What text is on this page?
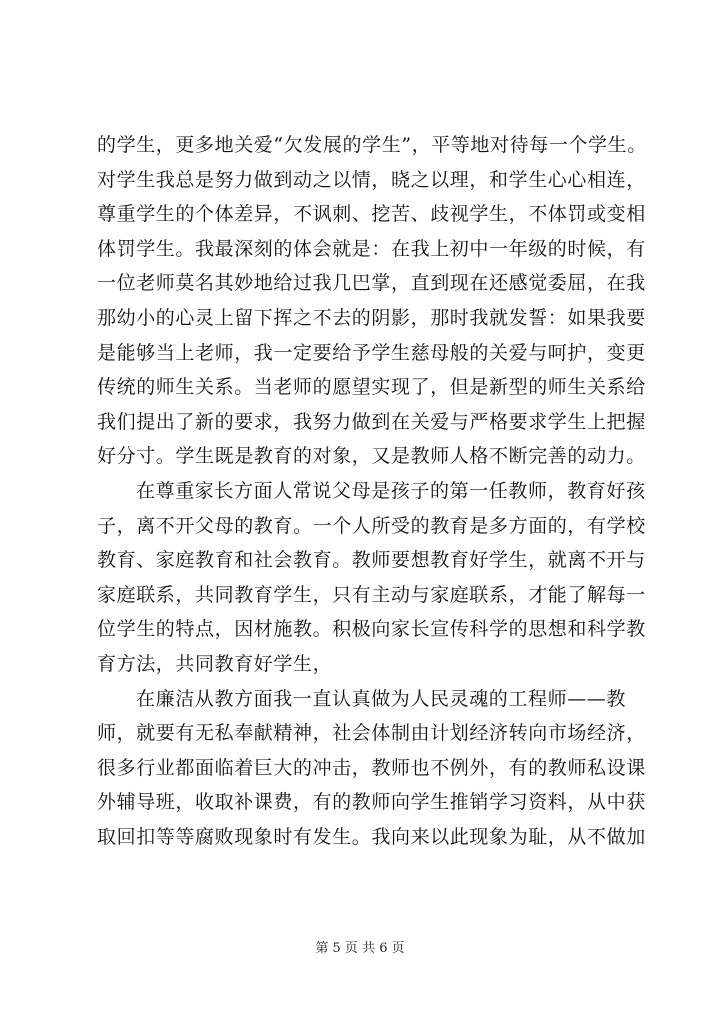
的学生，更多地关爱“欠发展的学生”，平等地对待每一个学生。
对学生我总是努力做到动之以情，晓之以理，和学生心心相连，
尊重学生的个体差异，不讽刺、挖苦、歧视学生，不体罚或变相
体罚学生。我最深刻的体会就是：在我上初中一年级的时候，有
一位老师莫名其妙地给过我几巴掌，直到现在还感觉委屈，在我
那幼小的心灵上留下挥之不去的阴影，那时我就发誓：如果我要
是能够当上老师，我一定要给予学生慈母般的关爱与呵护，变更
传统的师生关系。当老师的愿望实现了，但是新型的师生关系给
我们提出了新的要求，我努力做到在关爱与严格要求学生上把握
好分寸。学生既是教育的对象，又是教师人格不断完善的动力。
在尊重家长方面人常说父母是孩子的第一任教师，教育好孩
子，离不开父母的教育。一个人所受的教育是多方面的，有学校
教育、家庭教育和社会教育。教师要想教育好学生，就离不开与
家庭联系，共同教育学生，只有主动与家庭联系，才能了解每一
位学生的特点，因材施教。积极向家长宣传科学的思想和科学教
育方法，共同教育好学生，
在廉洁从教方面我一直认真做为人民灵魂的工程师——教
师，就要有无私奉献精神，社会体制由计划经济转向市场经济，
很多行业都面临着巨大的冲击，教师也不例外，有的教师私设课
外辅导班，收取补课费，有的教师向学生推销学习资料，从中获
取回扣等等腐败现象时有发生。我向来以此现象为耻，从不做加
第 5 页 共 6 页
